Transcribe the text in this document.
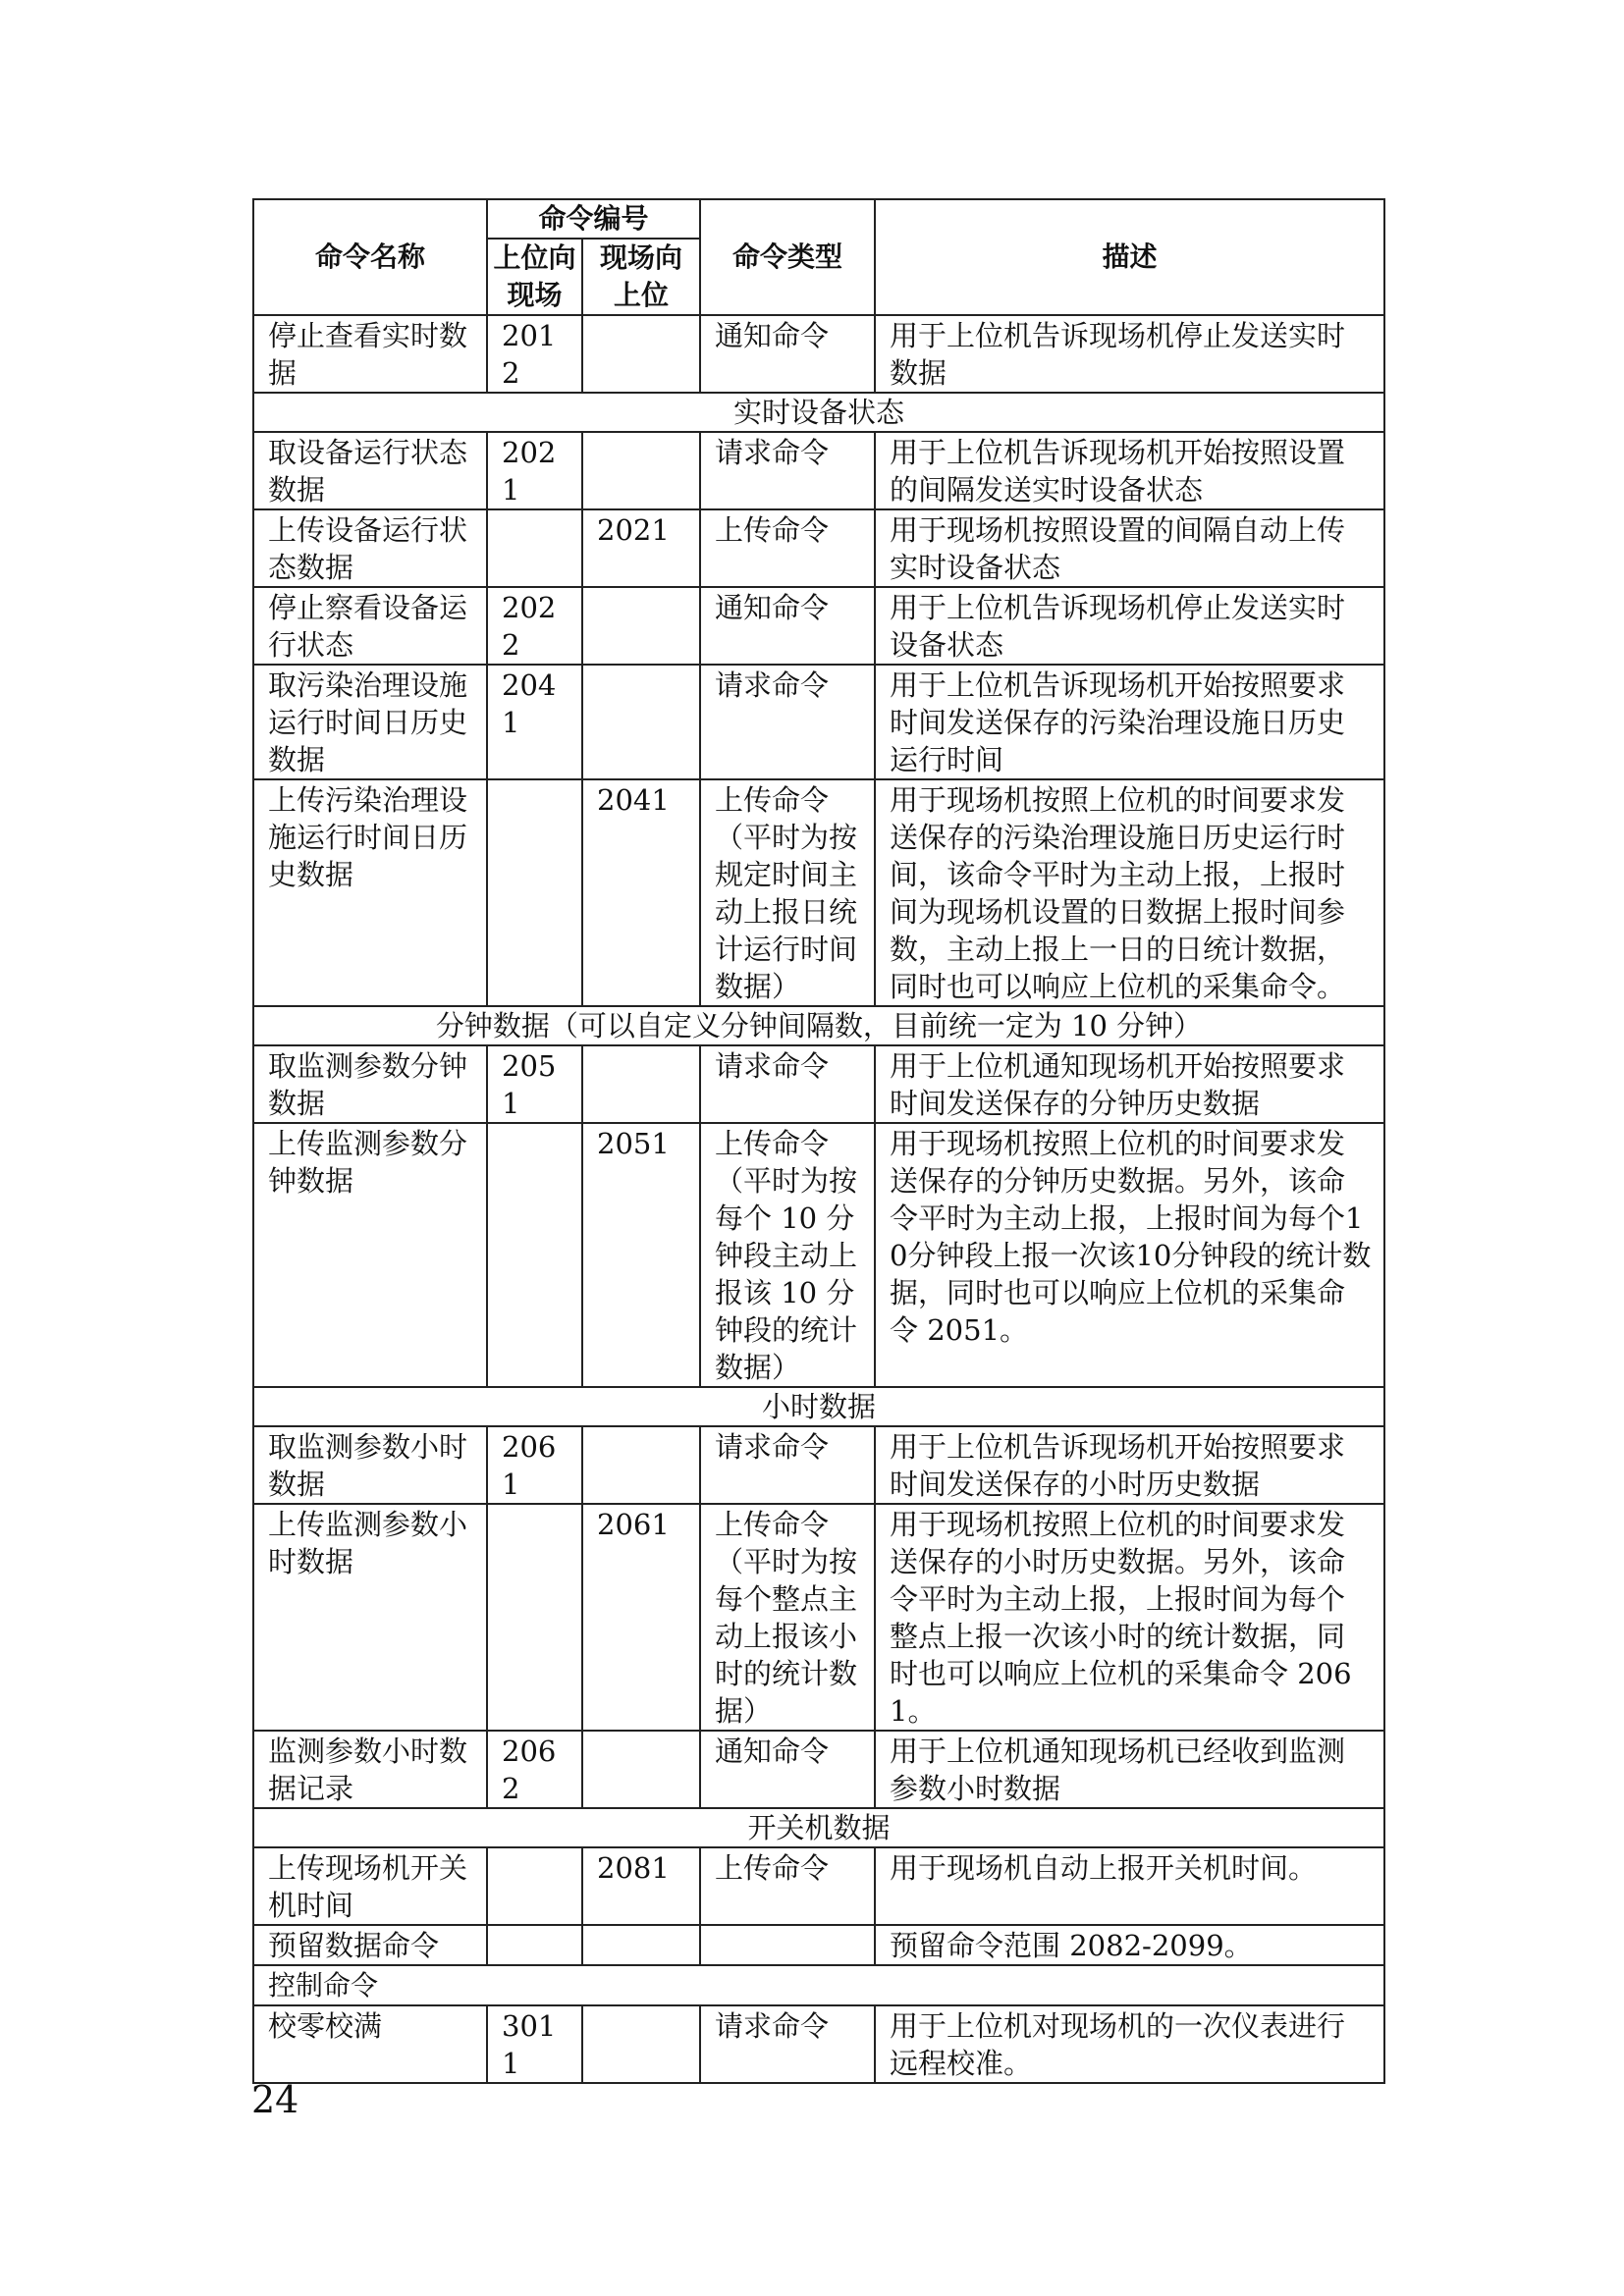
命令名称	命令编号		命令类型	描述
	上位向现场	现场向上位		
停止查看实时数据	2012		通知命令	用于上位机告诉现场机停止发送实时数据
实时设备状态				
取设备运行状态数据	2021		请求命令	用于上位机告诉现场机开始按照设置的间隔发送实时设备状态
上传设备运行状态数据		2021	上传命令	用于现场机按照设置的间隔自动上传实时设备状态
停止察看设备运行状态	2022		通知命令	用于上位机告诉现场机停止发送实时设备状态
取污染治理设施运行时间日历史数据	2041		请求命令	用于上位机告诉现场机开始按照要求时间发送保存的污染治理设施日历史运行时间
上传污染治理设施运行时间日历史数据		2041	上传命令（平时为按规定时间主动上报日统计运行时间数据）	用于现场机按照上位机的时间要求发送保存的污染治理设施日历史运行时间，该命令平时为主动上报，上报时间为现场机设置的日数据上报时间参数，主动上报上一日的日统计数据，同时也可以响应上位机的采集命令。
分钟数据（可以自定义分钟间隔数，目前统一定为 10 分钟）				
取监测参数分钟数据	2051		请求命令	用于上位机通知现场机开始按照要求时间发送保存的分钟历史数据
上传监测参数分钟数据		2051	上传命令（平时为按每个 10 分钟段主动上报该 10 分钟段的统计数据）	用于现场机按照上位机的时间要求发送保存的分钟历史数据。另外，该命令平时为主动上报，上报时间为每个10分钟段上报一次该10分钟段的统计数据，同时也可以响应上位机的采集命令 2051。
小时数据				
取监测参数小时数据	2061		请求命令	用于上位机告诉现场机开始按照要求时间发送保存的小时历史数据
上传监测参数小时数据		2061	上传命令（平时为按每个整点主动上报该小时的统计数据）	用于现场机按照上位机的时间要求发送保存的小时历史数据。另外，该命令平时为主动上报，上报时间为每个整点上报一次该小时的统计数据，同时也可以响应上位机的采集命令 2061。
监测参数小时数据记录	2062		通知命令	用于上位机通知现场机已经收到监测参数小时数据
开关机数据				
上传现场机开关机时间		2081	上传命令	用于现场机自动上报开关机时间。
预留数据命令				预留命令范围 2082-2099。
控制命令				
校零校满	3011		请求命令	用于上位机对现场机的一次仪表进行远程校准。
24
